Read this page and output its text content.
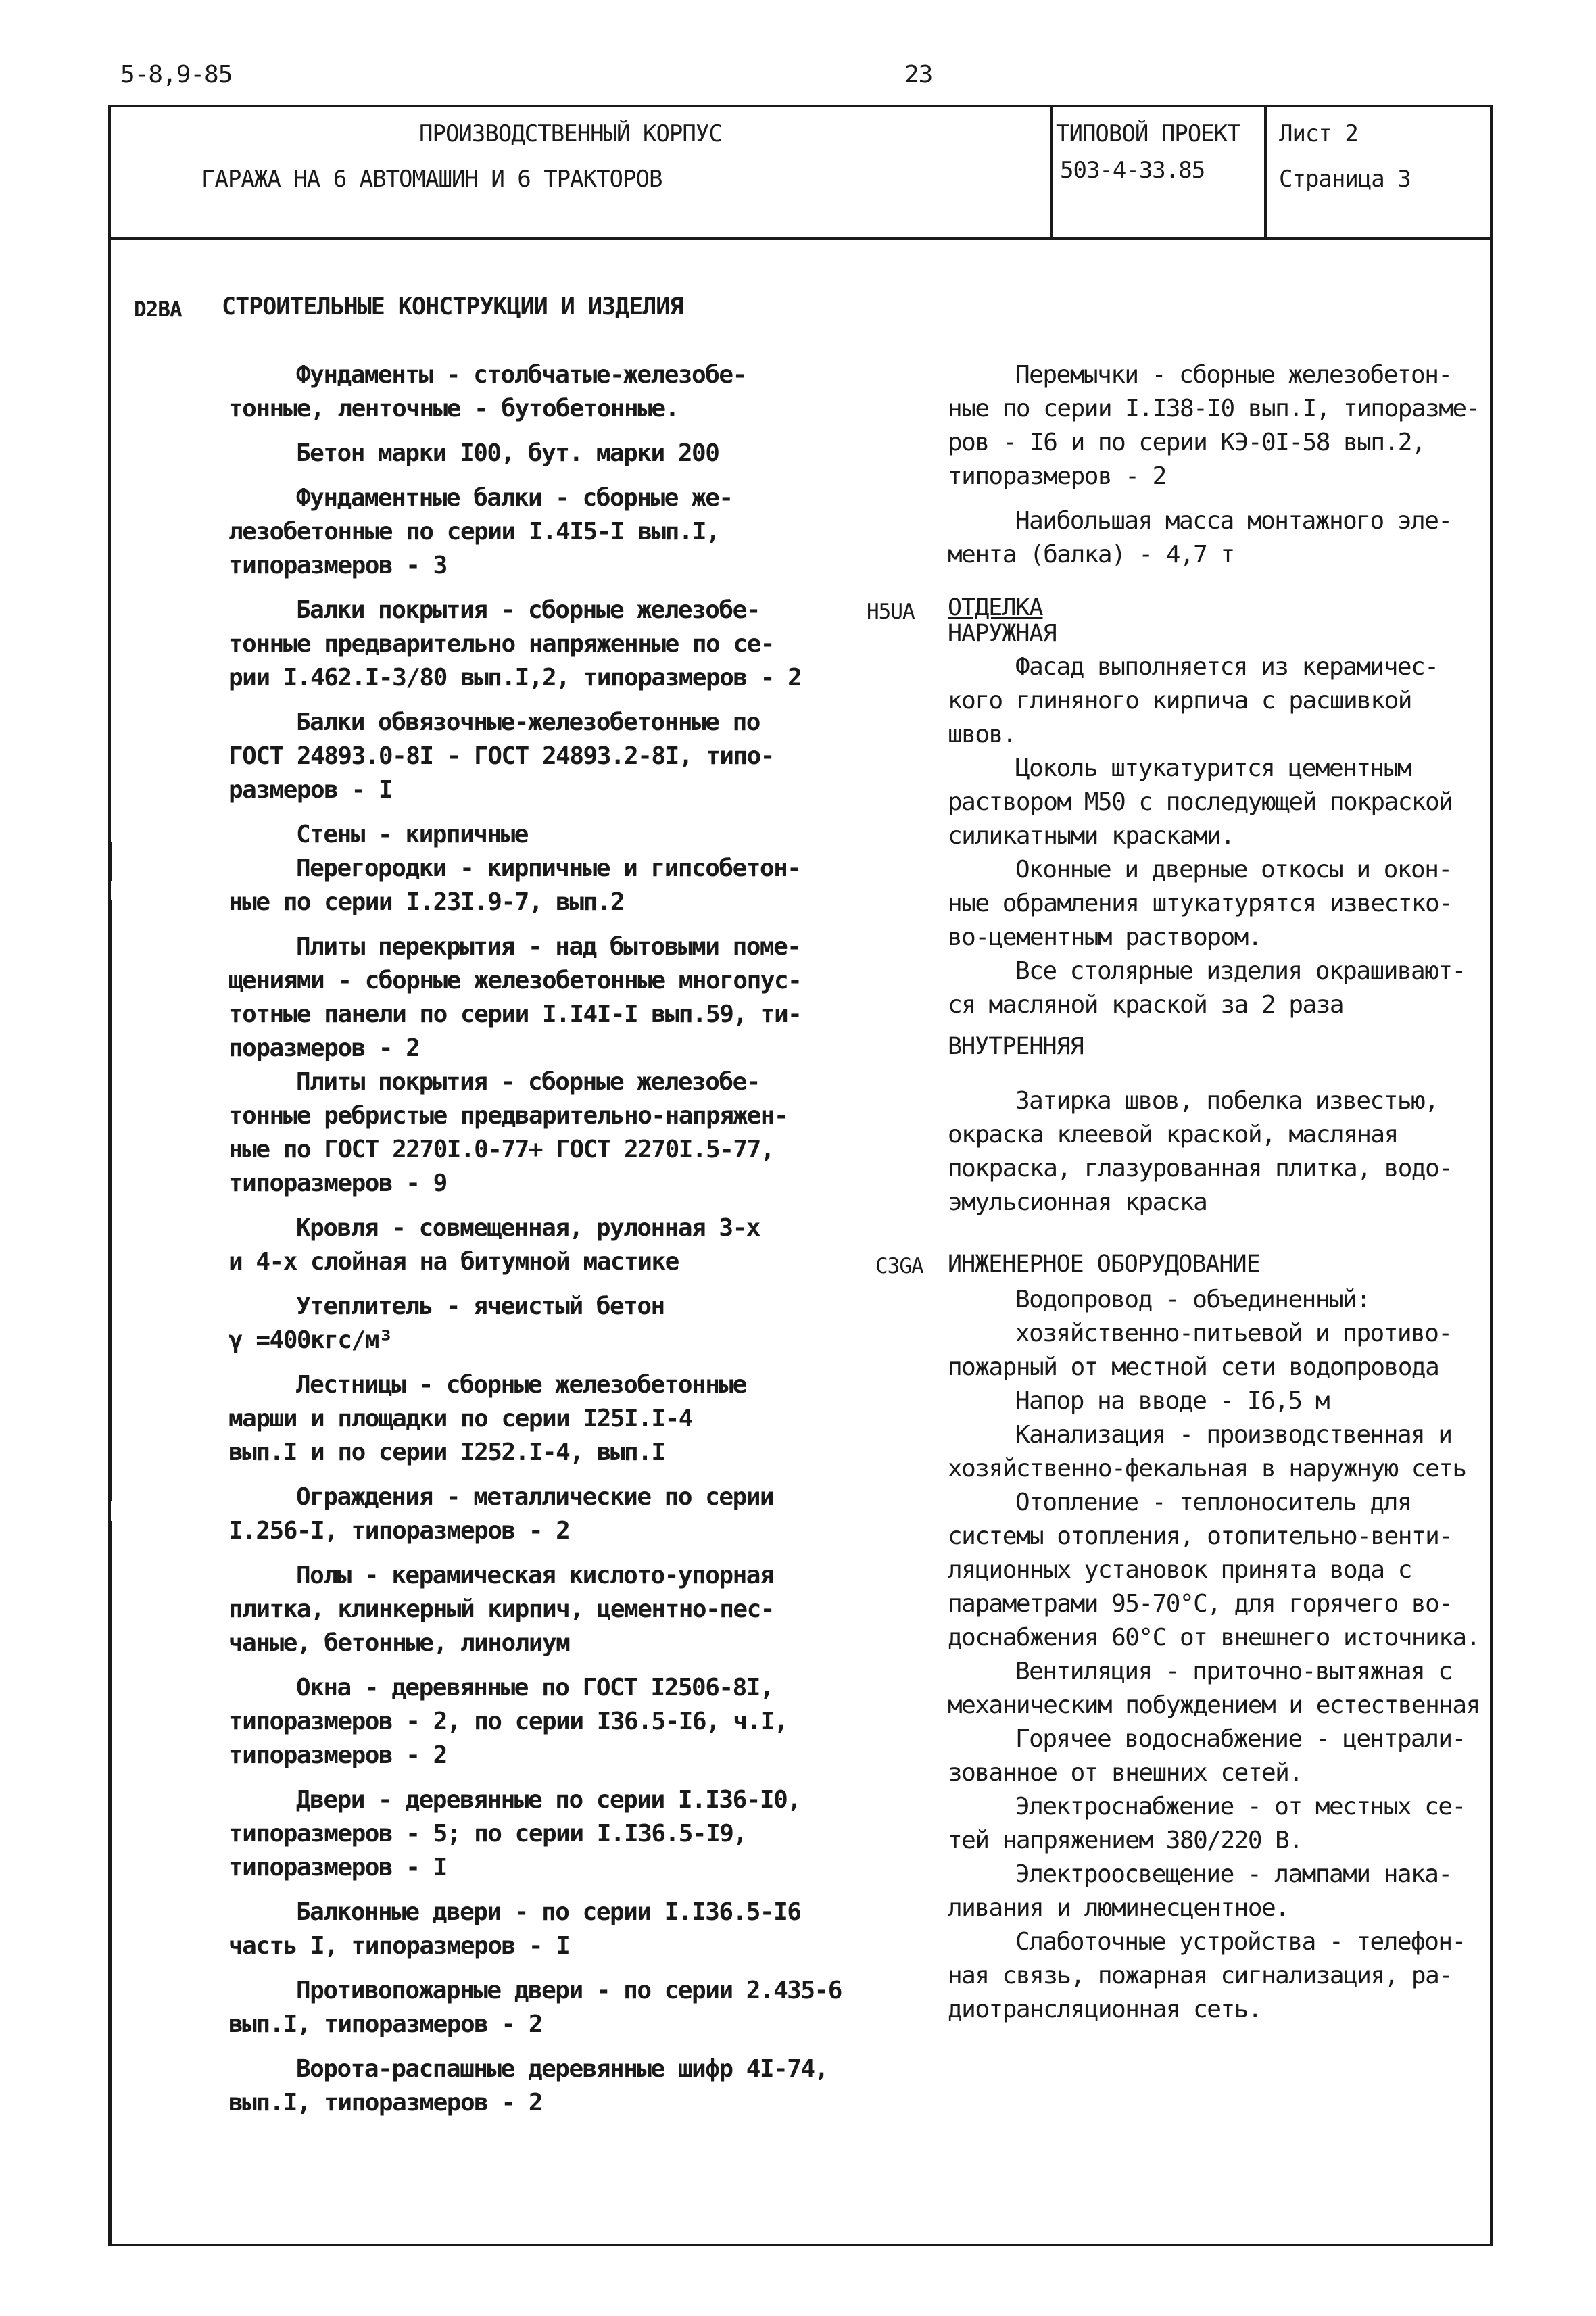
5-8,9-85	23
ПРОИЗВОДСТВЕННЫЙ КОРПУС
ГАРАЖА НА 6 АВТОМАШИН И 6 ТРАКТОРОВ
ТИПОВОЙ ПРОЕКТ
503-4-33.85
Лист 2
Страница 3
D2BA СТРОИТЕЛЬНЫЕ КОНСТРУКЦИИ И ИЗДЕЛИЯ

Фундаменты - столбчатые-железобе-
тонные, ленточные - бутобетонные.

Бетон марки I00, бут. марки 200

Фундаментные балки - сборные же-
лезобетонные по серии I.4I5-I вып.I,
типоразмеров - 3

Балки покрытия - сборные железобе-
тонные предварительно напряженные по се-
рии I.462.I-3/80 вып.I,2, типоразмеров - 2

Балки обвязочные-железобетонные по
ГОСТ 24893.0-8I - ГОСТ 24893.2-8I, типо-
размеров - I

Стены - кирпичные

Перегородки - кирпичные и гипсобетон-
ные по серии I.23I.9-7, вып.2

Плиты перекрытия - над бытовыми поме-
щениями - сборные железобетонные многопус-
тотные панели по серии I.I4I-I вып.59, ти-
поразмеров - 2

Плиты покрытия - сборные железобе-
тонные ребристые предварительно-напряжен-
ные по ГОСТ 2270I.0-77+ ГОСТ 2270I.5-77,
типоразмеров - 9

Кровля - совмещенная, рулонная 3-х
и 4-х слойная на битумной мастике

Утеплитель - ячеистый бетон

γ =400кгс/м³

Лестницы - сборные железобетонные
марши и площадки по серии I25I.I-4
вып.I и по серии I252.I-4, вып.I

Ограждения - металлические по серии
I.256-I, типоразмеров - 2

Полы - керамическая кислото-упорная
плитка, клинкерный кирпич, цементно-пес-
чаные, бетонные, линолиум

Окна - деревянные по ГОСТ I2506-8I,
типоразмеров - 2, по серии I36.5-I6, ч.I,
типоразмеров - 2

Двери - деревянные по серии I.I36-I0,
типоразмеров - 5; по серии I.I36.5-I9,
типоразмеров - I

Балконные двери - по серии I.I36.5-I6
часть I, типоразмеров - I

Противопожарные двери - по серии 2.435-6
вып.I, типоразмеров - 2

Ворота-распашные деревянные шифр 4I-74,
вып.I, типоразмеров - 2

Перемычки - сборные железобетон-
ные по серии I.I38-I0 вып.I, типоразме-
ров - I6 и по серии КЭ-0I-58 вып.2,
типоразмеров - 2

Наибольшая масса монтажного эле-
мента (балка) - 4,7 т

H5UA ОТДЕЛКА
НАРУЖНАЯ

Фасад выполняется из керамичес-
кого глиняного кирпича с расшивкой
швов.

Цоколь штукатурится цементным
раствором М50 с последующей покраской
силикатными красками.

Оконные и дверные откосы и окон-
ные обрамления штукатурятся известко-
во-цементным раствором.

Все столярные изделия окрашивают-
ся масляной краской за 2 раза

ВНУТРЕННЯЯ

Затирка швов, побелка известью,
окраска клеевой краской, масляная
покраска, глазурованная плитка, водо-
эмульсионная краска

C3GA ИНЖЕНЕРНОЕ ОБОРУДОВАНИЕ

Водопровод - объединенный:

хозяйственно-питьевой и противо-
пожарный от местной сети водопровода

Напор на вводе - I6,5 м

Канализация - производственная и
хозяйственно-фекальная в наружную сеть

Отопление - теплоноситель для
системы отопления, отопительно-венти-
ляционных установок принята вода с
параметрами 95-70°С, для горячего во-
доснабжения 60°С от внешнего источника.

Вентиляция - приточно-вытяжная с
механическим побуждением и естественная

Горячее водоснабжение - централи-
зованное от внешних сетей.

Электроснабжение - от местных се-
тей напряжением 380/220 В.

Электроосвещение - лампами нака-
ливания и люминесцентное.

Слаботочные устройства - телефон-
ная связь, пожарная сигнализация, ра-
диотрансляционная сеть.
